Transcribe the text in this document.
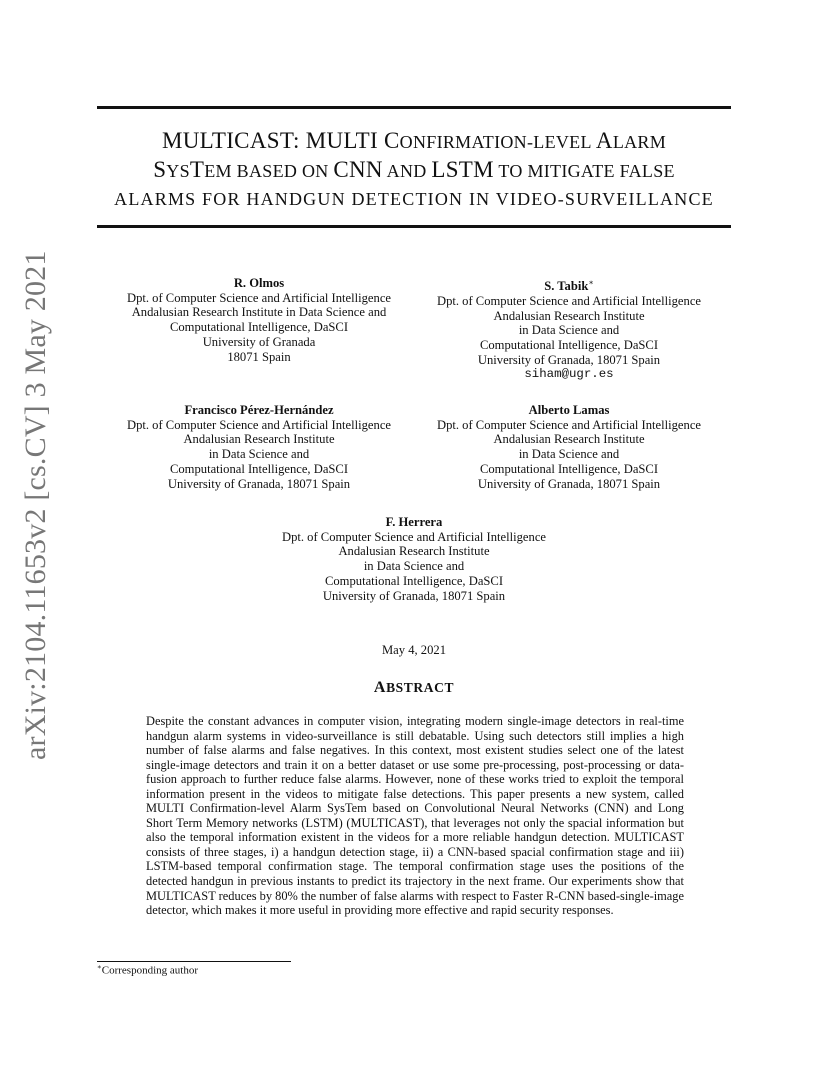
MULTICAST: MULTI CONFIRMATION-LEVEL ALARM
SYSTEM BASED ON CNN AND LSTM TO MITIGATE FALSE
ALARMS FOR HANDGUN DETECTION IN VIDEO-SURVEILLANCE
arXiv:2104.11653v2 [cs.CV] 3 May 2021	R. Olmos
Dpt. of Computer Science and Artificial Intelligence
Andalusian Research Institute in Data Science and
Computational Intelligence, DaSCI
University of Granada
18071 Spain
S. Tabik∗
Dpt. of Computer Science and Artificial Intelligence
Andalusian Research Institute
in Data Science and
Computational Intelligence, DaSCI
University of Granada, 18071 Spain
siham@ugr.es
Francisco Pérez-Hernández
Dpt. of Computer Science and Artificial Intelligence
Andalusian Research Institute
in Data Science and
Computational Intelligence, DaSCI
University of Granada, 18071 Spain
Alberto Lamas
Dpt. of Computer Science and Artificial Intelligence
Andalusian Research Institute
in Data Science and
Computational Intelligence, DaSCI
University of Granada, 18071 Spain
F. Herrera
Dpt. of Computer Science and Artificial Intelligence
Andalusian Research Institute
in Data Science and
Computational Intelligence, DaSCI
University of Granada, 18071 Spain
May 4, 2021
ABSTRACT
Despite the constant advances in computer vision, integrating modern single-image detectors in real-time handgun alarm systems in video-surveillance is still debatable. Using such detectors still implies a high number of false alarms and false negatives. In this context, most existent studies select one of the latest single-image detectors and train it on a better dataset or use some pre-processing, post-processing or data-fusion approach to further reduce false alarms. However, none of these works tried to exploit the temporal information present in the videos to mitigate false detections. This paper presents a new system, called MULTI Confirmation-level Alarm SysTem based on Convolutional Neural Networks (CNN) and Long Short Term Memory networks (LSTM) (MULTICAST), that leverages not only the spacial information but also the temporal information existent in the videos for a more reliable handgun detection. MULTICAST consists of three stages, i) a handgun detection stage, ii) a CNN-based spacial confirmation stage and iii) LSTM-based temporal confirmation stage. The temporal confirmation stage uses the positions of the detected handgun in previous instants to predict its trajectory in the next frame. Our experiments show that MULTICAST reduces by 80% the number of false alarms with respect to Faster R-CNN based-single-image detector, which makes it more useful in providing more effective and rapid security responses.
∗Corresponding author
